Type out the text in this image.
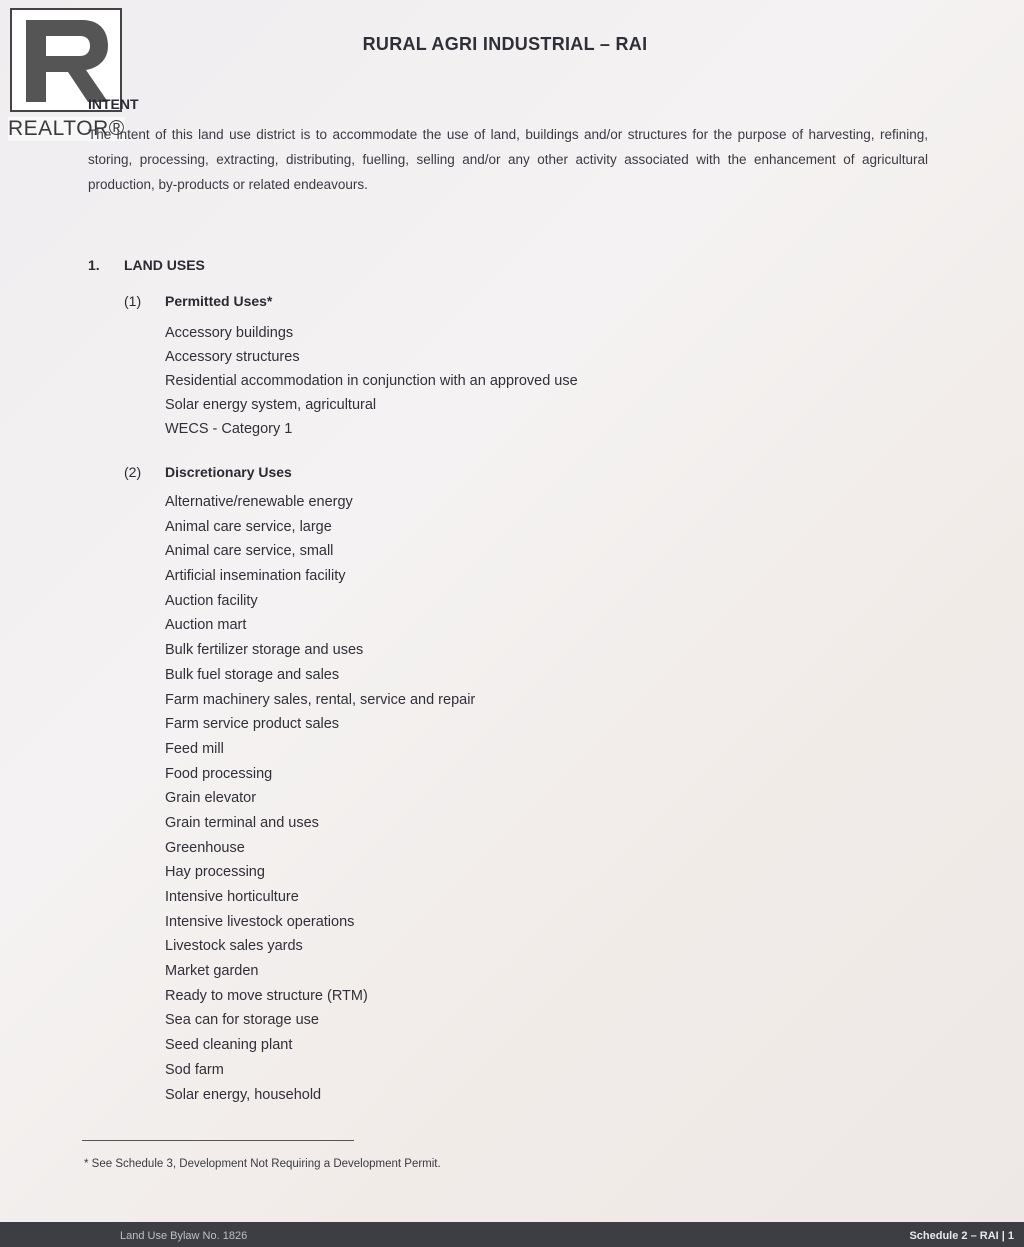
REALTOR®
RURAL AGRI INDUSTRIAL – RAI
INTENT
The intent of this land use district is to accommodate the use of land, buildings and/or structures for the purpose of harvesting, refining, storing, processing, extracting, distributing, fuelling, selling and/or any other activity associated with the enhancement of agricultural production, by-products or related endeavours.
1. LAND USES
(1) Permitted Uses*
Accessory buildings
Accessory structures
Residential accommodation in conjunction with an approved use
Solar energy system, agricultural
WECS - Category 1
(2) Discretionary Uses
Alternative/renewable energy
Animal care service, large
Animal care service, small
Artificial insemination facility
Auction facility
Auction mart
Bulk fertilizer storage and uses
Bulk fuel storage and sales
Farm machinery sales, rental, service and repair
Farm service product sales
Feed mill
Food processing
Grain elevator
Grain terminal and uses
Greenhouse
Hay processing
Intensive horticulture
Intensive livestock operations
Livestock sales yards
Market garden
Ready to move structure (RTM)
Sea can for storage use
Seed cleaning plant
Sod farm
Solar energy, household
* See Schedule 3, Development Not Requiring a Development Permit.
Land Use Bylaw No. 1826	Schedule 2 – RAI | 1
